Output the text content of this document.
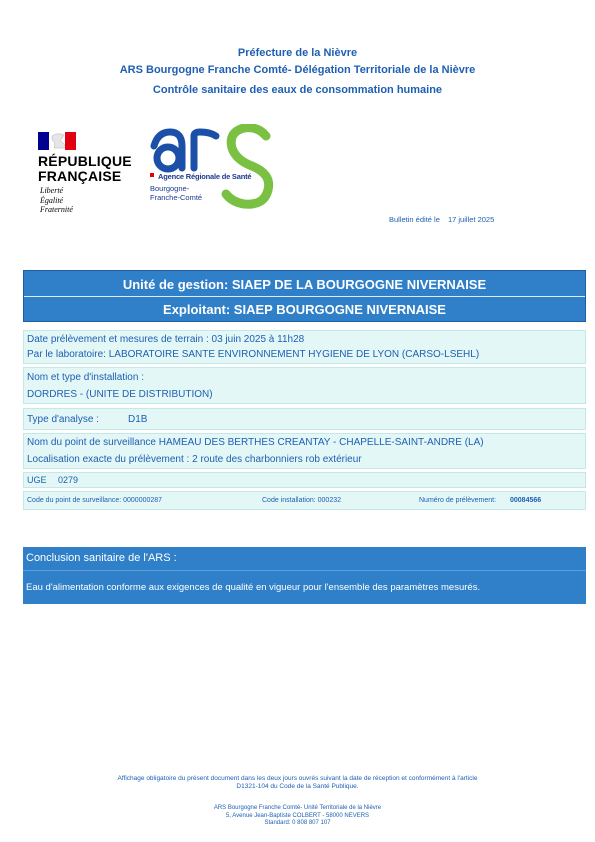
Préfecture de la Nièvre
ARS Bourgogne Franche Comté- Délégation Territoriale de la Nièvre
Contrôle sanitaire des eaux de consommation humaine
RÉPUBLIQUE
FRANÇAISE
Liberté
Égalité
Fraternité
Agence Régionale de Santé
Bourgogne-
Franche-Comté
Bulletin édité le 17 juillet 2025
Unité de gestion: SIAEP DE LA BOURGOGNE NIVERNAISE
Exploitant: SIAEP BOURGOGNE NIVERNAISE
Date prélèvement et mesures de terrain : 03 juin 2025 à 11h28
Par le laboratoire: LABORATOIRE SANTE ENVIRONNEMENT HYGIENE DE LYON (CARSO-LSEHL)
Nom et type d'installation :
DORDRES - (UNITE DE DISTRIBUTION)
Type d'analyse :	D1B
Nom du point de surveillance HAMEAU DES BERTHES CREANTAY - CHAPELLE-SAINT-ANDRE (LA)
Localisation exacte du prélèvement : 2 route des charbonniers rob extérieur
UGE 0279
Code du point de surveillance: 0000000287	Code installation: 000232	Numéro de prélèvement: 00084566
Conclusion sanitaire de l'ARS :
Eau d'alimentation conforme aux exigences de qualité en vigueur pour l'ensemble des paramètres mesurés.
Affichage obligatoire du présent document dans les deux jours ouvrés suivant la date de réception et conformément à l'article
D1321-104 du Code de la Santé Publique.
ARS Bourgogne Franche Comté- Unité Territoriale de la Nièvre
5, Avenue Jean-Baptiste COLBERT - 58000 NEVERS
Standard: 0 808 807 107
